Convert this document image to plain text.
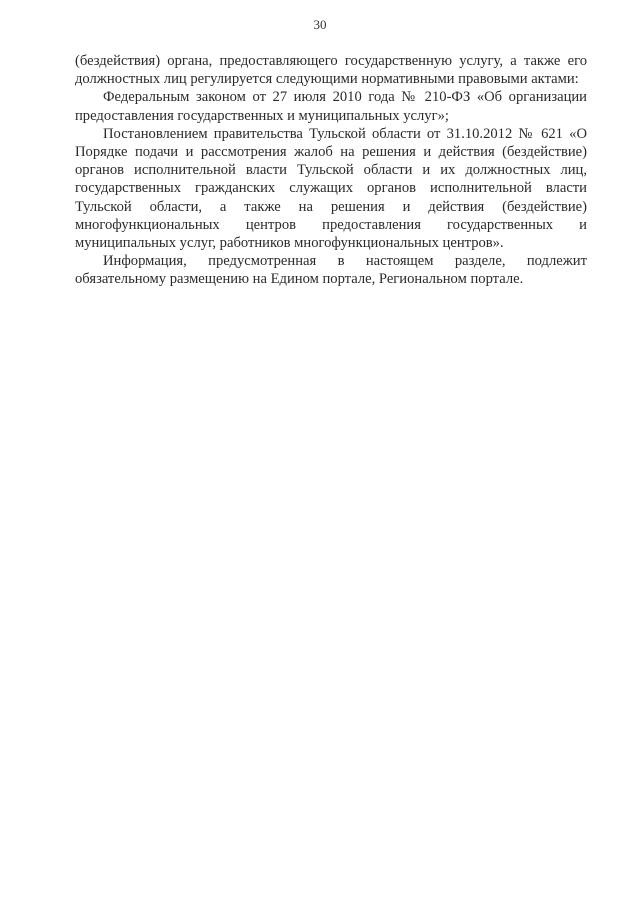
30

(бездействия) органа, предоставляющего государственную услугу, а также его должностных лиц регулируется следующими нормативными правовыми актами:

Федеральным законом от 27 июля 2010 года № 210-ФЗ «Об организации предоставления государственных и муниципальных услуг»;

Постановлением правительства Тульской области от 31.10.2012 № 621 «О Порядке подачи и рассмотрения жалоб на решения и действия (бездействие) органов исполнительной власти Тульской области и их должностных лиц, государственных гражданских служащих органов исполнительной власти Тульской области, а также на решения и действия (бездействие) многофункциональных центров предоставления государственных и муниципальных услуг, работников многофункциональных центров».

Информация, предусмотренная в настоящем разделе, подлежит обязательному размещению на Едином портале, Региональном портале.
